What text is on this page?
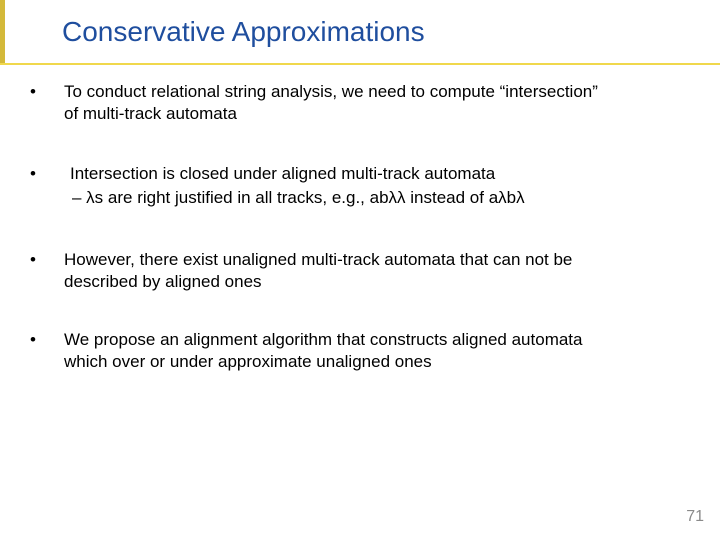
Conservative Approximations
• To conduct relational string analysis, we need to compute “intersection”
of multi-track automata
• Intersection is closed under aligned multi-track automata
– λs are right justified in all tracks, e.g., abλλ instead of aλbλ
• However, there exist unaligned multi-track automata that can not be
described by aligned ones
• We propose an alignment algorithm that constructs aligned automata
which over or under approximate unaligned ones
71
